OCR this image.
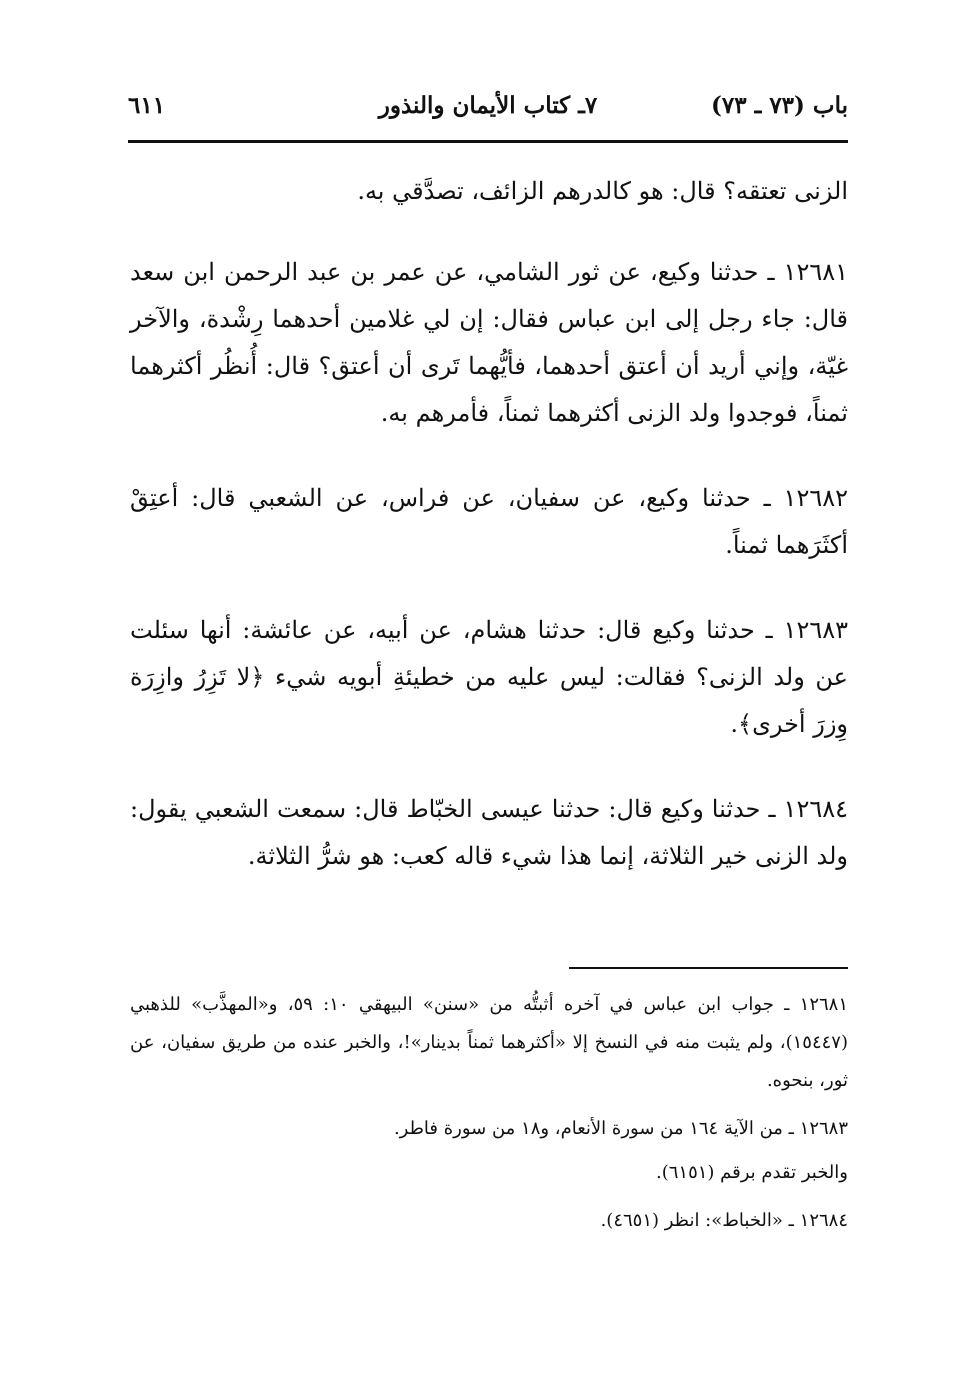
باب (٧٣ ـ ٧٣)
٧ـ كتاب الأيمان والنذور
٦١١

الزنى تعتقه؟ قال: هو كالدرهم الزائف، تصدَّقي به.

١٢٦٨١ ـ حدثنا وكيع، عن ثور الشامي، عن عمر بن عبد الرحمن ابن سعد قال: جاء رجل إلى ابن عباس فقال: إن لي غلامين أحدهما رِشْدة، والآخر غيّة، وإني أريد أن أعتق أحدهما، فأيُّهما تَرى أن أعتق؟ قال: أُنظُر أكثرهما ثمناً، فوجدوا ولد الزنى أكثرهما ثمناً، فأمرهم به.

١٢٦٨٢ ـ حدثنا وكيع، عن سفيان، عن فراس، عن الشعبي قال: أعتِقْ أكثَرَهما ثمناً.

١٢٦٨٣ ـ حدثنا وكيع قال: حدثنا هشام، عن أبيه، عن عائشة: أنها سئلت عن ولد الزنى؟ فقالت: ليس عليه من خطيئةِ أبويه شيء ﴿لا تَزِرُ وازِرَة وِزرَ أخرى﴾.

١٢٦٨٤ ـ حدثنا وكيع قال: حدثنا عيسى الخبّاط قال: سمعت الشعبي يقول: ولد الزنى خير الثلاثة، إنما هذا شيء قاله كعب: هو شرُّ الثلاثة.

١٢٦٨١ ـ جواب ابن عباس في آخره أثبتُّه من «سنن» البيهقي ١٠: ٥٩، و«المهذَّب» للذهبي (١٥٤٤٧)، ولم يثبت منه في النسخ إلا «أكثرهما ثمناً بدينار»!، والخبر عنده من طريق سفيان، عن ثور، بنحوه.

١٢٦٨٣ ـ من الآية ١٦٤ من سورة الأنعام، و١٨ من سورة فاطر.

والخبر تقدم برقم (٦١٥١).

١٢٦٨٤ ـ «الخباط»: انظر (٤٦٥١).
